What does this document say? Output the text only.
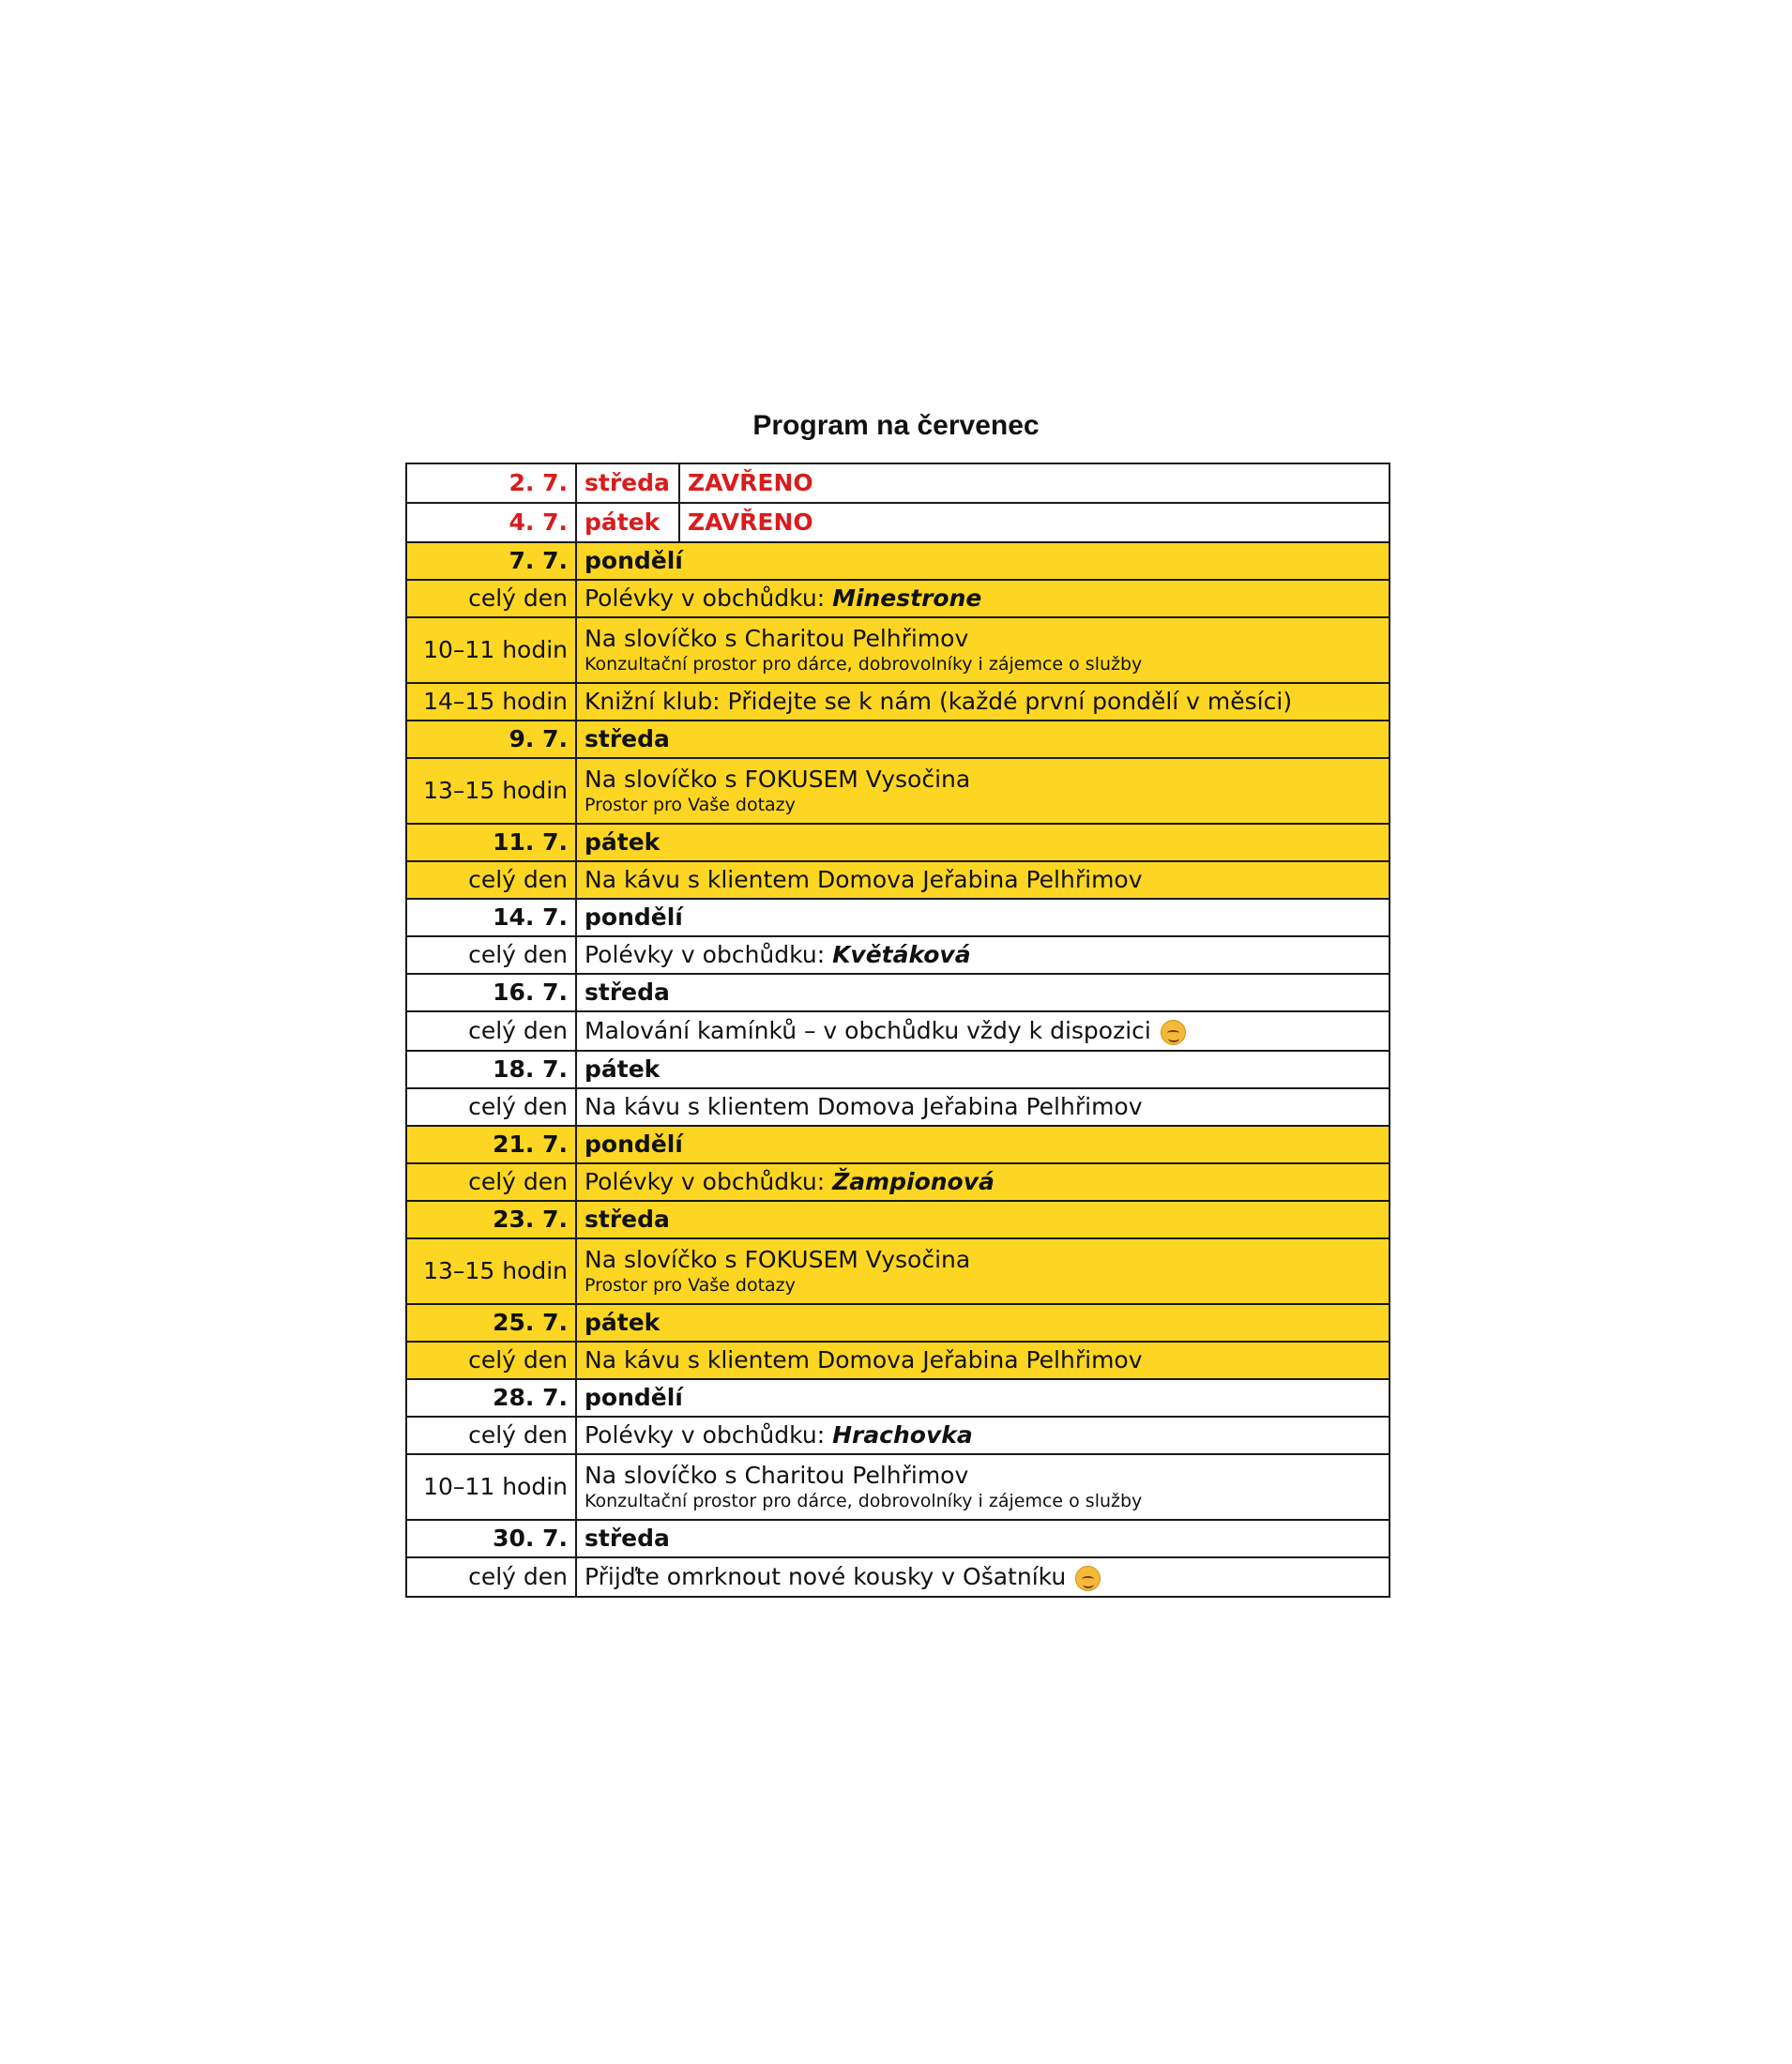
Program na červenec
2. 7.	středa	ZAVŘENO
4. 7.	pátek	ZAVŘENO
7. 7.	pondělí	
celý den	Polévky v obchůdku: Minestrone	
10–11 hodin	Na slovíčko s Charitou Pelhřimov
Konzultační prostor pro dárce, dobrovolníky i zájemce o služby	

14–15 hodin	Knižní klub: Přidejte se k nám (každé první pondělí v měsíci)	
9. 7.	středa	
13–15 hodin	Na slovíčko s FOKUSEM Vysočina
Prostor pro Vaše dotazy	

11. 7.	pátek	
celý den	Na kávu s klientem Domova Jeřabina Pelhřimov	
14. 7.	pondělí	
celý den	Polévky v obchůdku: Květáková	
16. 7.	středa	
celý den	Malování kamínků – v obchůdku vždy k dispozici	
18. 7.	pátek	
celý den	Na kávu s klientem Domova Jeřabina Pelhřimov	
21. 7.	pondělí	
celý den	Polévky v obchůdku: Žampionová	
23. 7.	středa	
13–15 hodin	Na slovíčko s FOKUSEM Vysočina
Prostor pro Vaše dotazy	

25. 7.	pátek	
celý den	Na kávu s klientem Domova Jeřabina Pelhřimov	
28. 7.	pondělí	
celý den	Polévky v obchůdku: Hrachovka	
10–11 hodin	Na slovíčko s Charitou Pelhřimov
Konzultační prostor pro dárce, dobrovolníky i zájemce o služby	

30. 7.	středa	
celý den	Přijďte omrknout nové kousky v Ošatníku	
